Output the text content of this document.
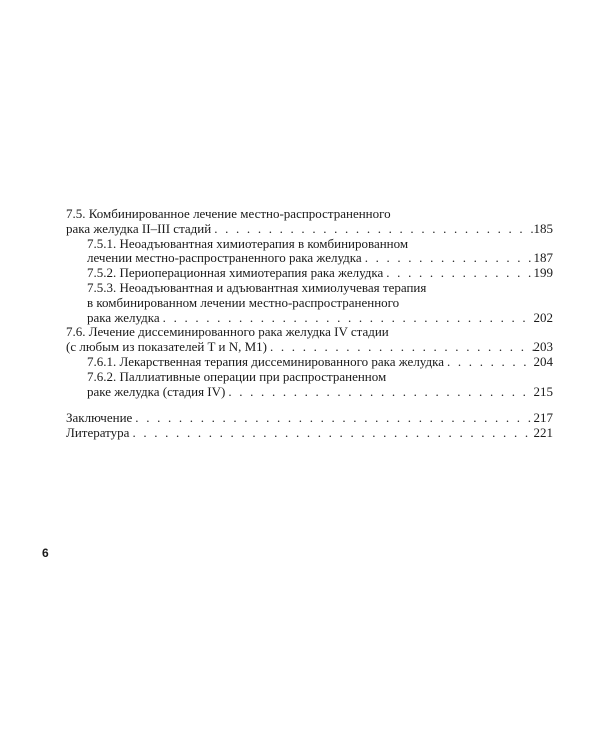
7.5. Комбинированное лечение местно-распространенного
рака желудка II–III стадий . . .	185
7.5.1. Неоадъювантная химиотерапия в комбинированном
лечении местно-распространенного рака желудка . . .	187
7.5.2. Периоперационная химиотерапия рака желудка . . .	199
7.5.3. Неоадъювантная и адъювантная химиолучевая терапия
в комбинированном лечении местно-распространенного
рака желудка . . .	202
7.6. Лечение диссеминированного рака желудка IV стадии
(с любым из показателей T и N, M1) . . .	203
7.6.1. Лекарственная терапия диссеминированного рака желудка . . .	204
7.6.2. Паллиативные операции при распространенном
раке желудка (стадия IV) . . .	215
Заключение . . .	217
Литература . . .	221
6
